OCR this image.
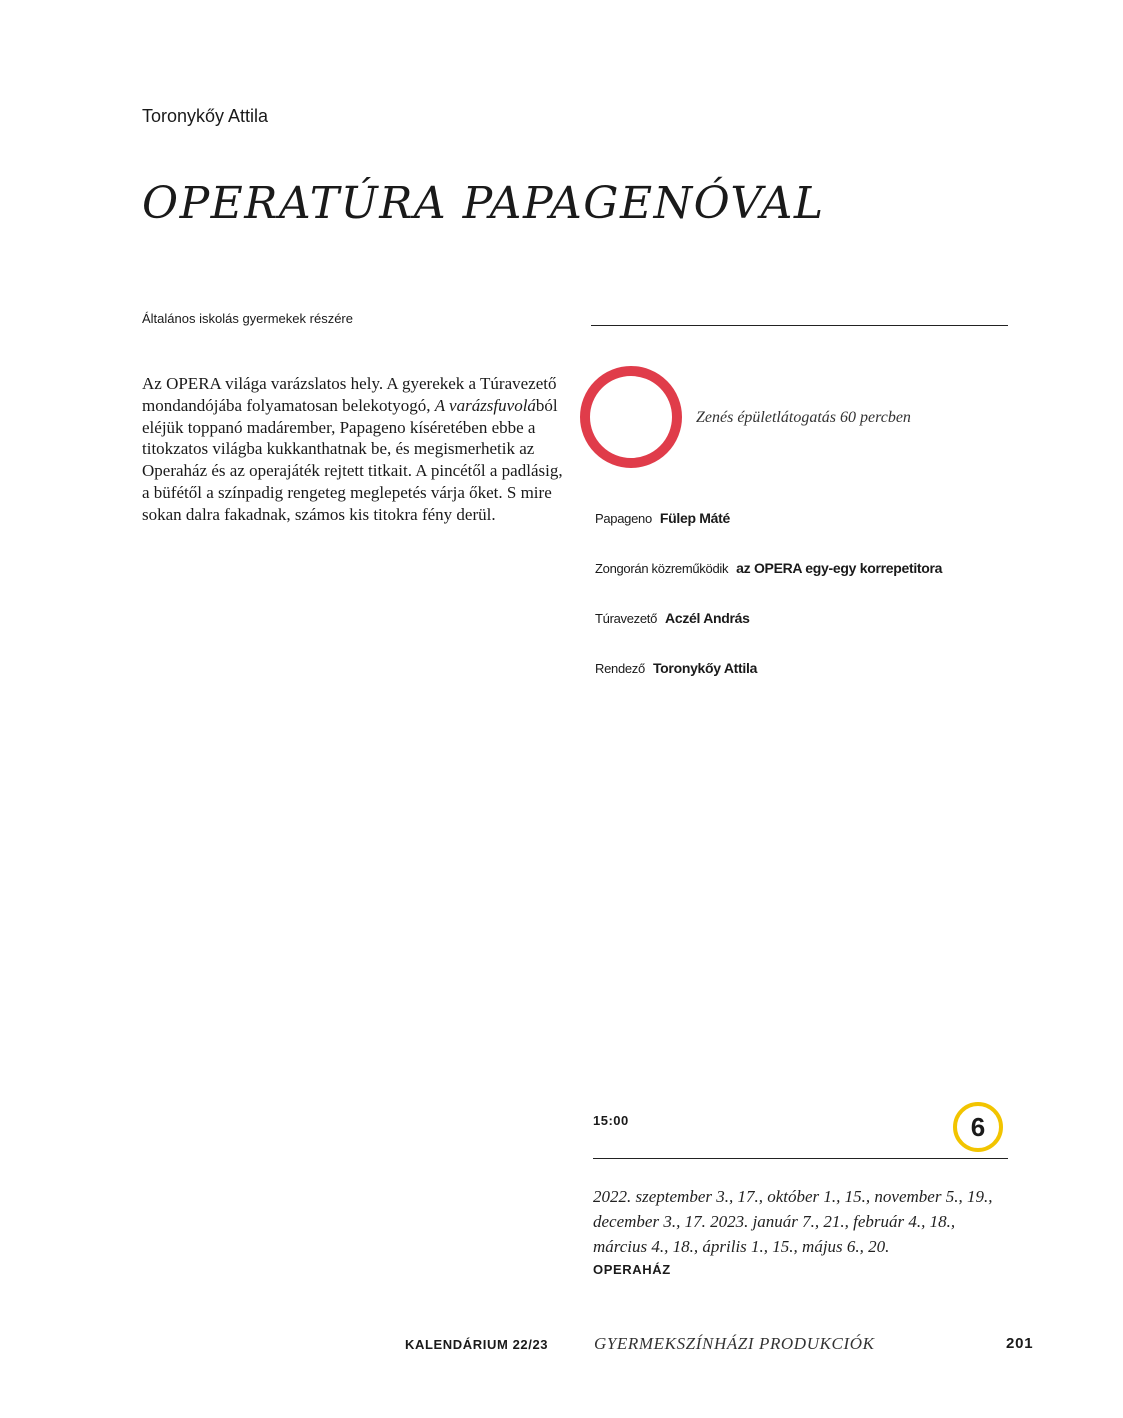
Toronykőy Attila
OPERATÚRA PAPAGENÓVAL
Általános iskolás gyermekek részére

Az OPERA világa varázslatos hely. A gyerekek a Túravezető mondandójába folyamatosan belekotyogó, A varázsfuvolából eléjük toppanó madárember, Papageno kíséretében ebbe a titokzatos világba kukkanthatnak be, és megismerhetik az Operaház és az operajáték rejtett titkait. A pincétől a padlásig, a büfétől a színpadig rengeteg meglepetés várja őket. S mire sokan dalra fakadnak, számos kis titokra fény derül.

Zenés épületlátogatás 60 percben
Papageno Fülep Máté
Zongorán közreműködik az OPERA egy-egy korrepetitora
Túravezető Aczél András
Rendező Toronykőy Attila
15:00	6
2022. szeptember 3., 17., október 1., 15., november 5., 19., december 3., 17. 2023. január 7., 21., február 4., 18., március 4., 18., április 1., 15., május 6., 20.
OPERAHÁZ
KALENDÁRIUM 22/23	GYERMEKSZÍNHÁZI PRODUKCIÓK	201
